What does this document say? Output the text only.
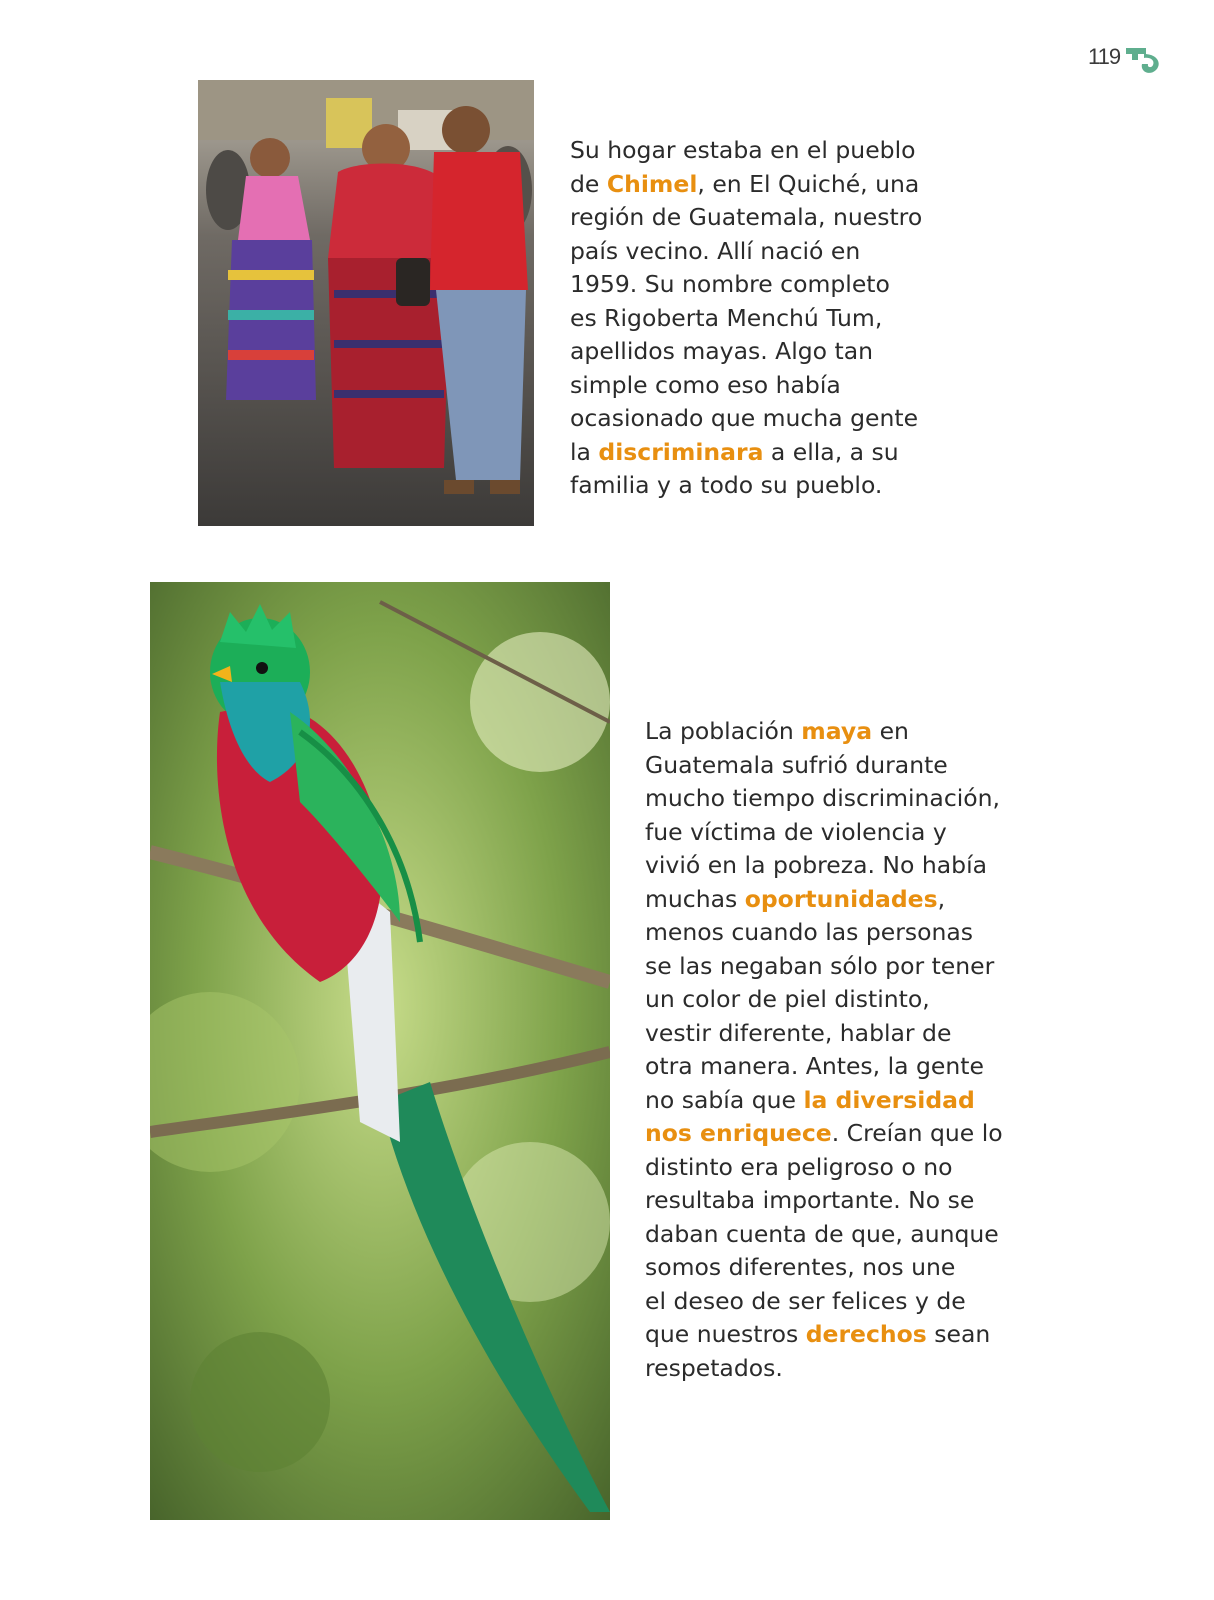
119

Su hogar estaba en el pueblo
de Chimel, en El Quiché, una
región de Guatemala, nuestro
país vecino. Allí nació en
1959. Su nombre completo
es Rigoberta Menchú Tum,
apellidos mayas. Algo tan
simple como eso había
ocasionado que mucha gente
la discriminara a ella, a su
familia y a todo su pueblo.

La población maya en
Guatemala sufrió durante
mucho tiempo discriminación,
fue víctima de violencia y
vivió en la pobreza. No había
muchas oportunidades,
menos cuando las personas
se las negaban sólo por tener
un color de piel distinto,
vestir diferente, hablar de
otra manera. Antes, la gente
no sabía que la diversidad
nos enriquece. Creían que lo
distinto era peligroso o no
resultaba importante. No se
daban cuenta de que, aunque
somos diferentes, nos une
el deseo de ser felices y de
que nuestros derechos sean
respetados.
